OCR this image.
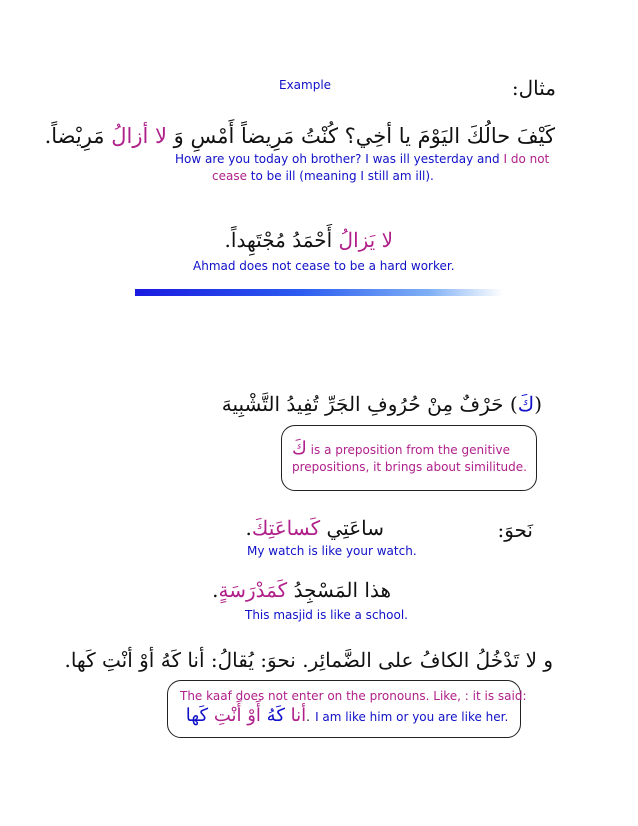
Example	مثال:
كَيْفَ حالُكَ اليَوْمَ يا أخِي؟ كُنْتُ مَرِيضاً أَمْسِ وَ لا أزالُ مَرِيْضاً.
How are you today oh brother? I was ill yesterday and I do not
cease to be ill (meaning I still am ill).
لا يَزالُ أَحْمَدُ مُجْتَهِداً.
Ahmad does not cease to be a hard worker.
(كَ) حَرْفٌ مِنْ حُرُوفِ الجَرِّ تُفِيدُ التَّشْبِيهَ
كَ is a preposition from the genitive
prepositions, it brings about similitude.
نَحوَ:
ساعَتِي كَساعَتِكَ.
My watch is like your watch.
هذا المَسْجِدُ كَمَدْرَسَةٍ.
This masjid is like a school.
و لا تَدْخُلُ الكافُ على الضَّمائِر. نحوَ: يُقالُ: أنا كَهُ أوْ أنْتِ كَها.
The kaaf does not enter on the pronouns. Like, : it is said:
أنا كَهُ أَوْ أَنْتِ كَها	. I am like him or you are like her.
